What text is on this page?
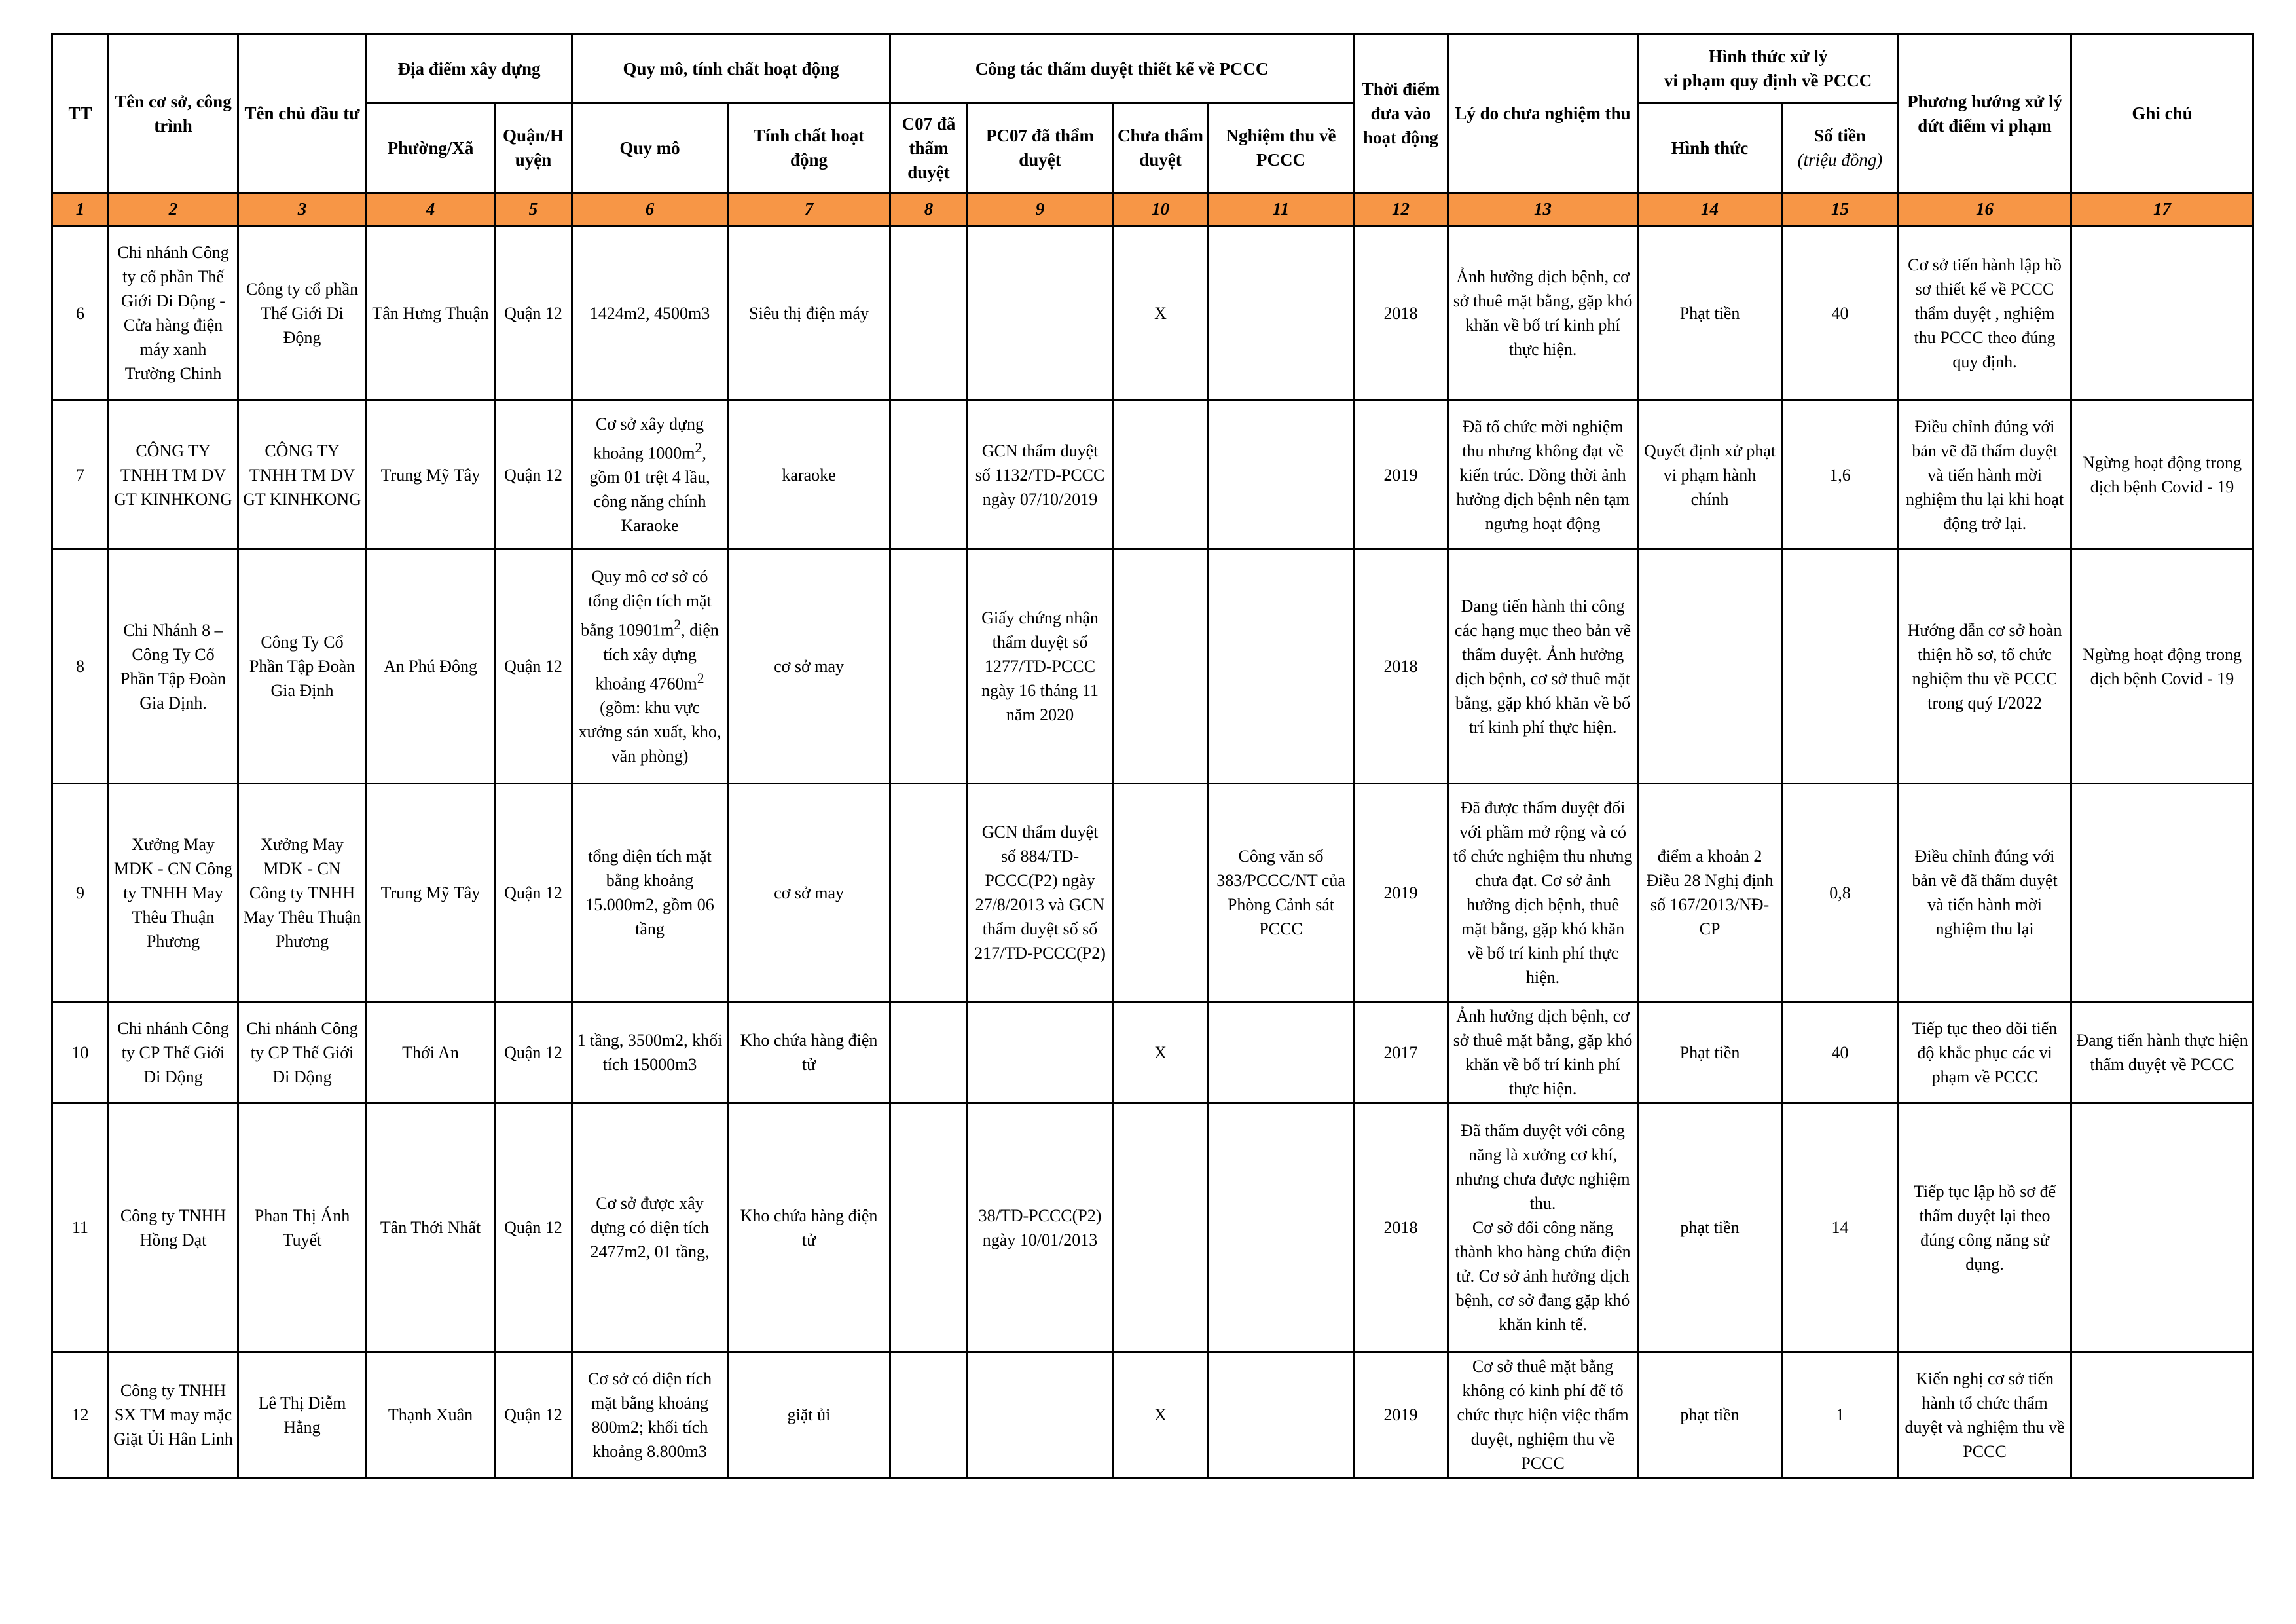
TT	Tên cơ sở, công trình	Tên chủ đầu tư	Địa điểm xây dựng		Quy mô, tính chất hoạt động		Công tác thẩm duyệt thiết kế về PCCC				Thời điểm đưa vào hoạt động	Lý do chưa nghiệm thu	Hình thức xử lý
vi phạm quy định về PCCC		Phương hướng xử lý dứt điểm vi phạm	Ghi chú
			Phường/Xã	Quận/Huyện	Quy mô	Tính chất hoạt động	C07 đã thẩm duyệt	PC07 đã thẩm duyệt	Chưa thẩm duyệt	Nghiệm thu về PCCC			Hình thức	Số tiền
(triệu đồng)		

1	2	3	4	5	6	7	8	9	10	11	12	13	14	15	16	17
6	Chi nhánh Công ty cổ phần Thế Giới Di Động - Cửa hàng điện máy xanh Trường Chinh	Công ty cổ phần Thế Giới Di Động	Tân Hưng Thuận	Quận 12	1424m2, 4500m3	Siêu thị điện máy			X		2018	Ảnh hưởng dịch bệnh, cơ sở thuê mặt bằng, gặp khó khăn về bố trí kinh phí thực hiện.	Phạt tiền	40	Cơ sở tiến hành lập hồ sơ thiết kế về PCCC thẩm duyệt , nghiệm thu PCCC theo đúng quy định.	
7	CÔNG TY TNHH TM DV GT KINHKONG	CÔNG TY TNHH TM DV GT KINHKONG	Trung Mỹ Tây	Quận 12	Cơ sở xây dựng khoảng $1000m^2$, gồm 01 trệt 4 lầu, công năng chính Karaoke	karaoke		GCN thẩm duyệt số 1132/TD-PCCC ngày 07/10/2019			2019	Đã tổ chức mời nghiệm thu nhưng không đạt về kiến trúc. Đồng thời ảnh hưởng dịch bệnh nên tạm ngưng hoạt động	Quyết định xử phạt vi phạm hành chính	1,6	Điều chỉnh đúng với bản vẽ đã thẩm duyệt và tiến hành mời nghiệm thu lại khi hoạt động trở lại.	Ngừng hoạt động trong dịch bệnh Covid - 19
8	Chi Nhánh 8 – Công Ty Cổ Phần Tập Đoàn Gia Định.	Công Ty Cổ Phần Tập Đoàn Gia Định	An Phú Đông	Quận 12	Quy mô cơ sở có tổng diện tích mặt bằng $10901m^2$, diện tích xây dựng khoảng $4760m^2$ (gồm: khu vực xưởng sản xuất, kho, văn phòng)	cơ sở may		Giấy chứng nhận thẩm duyệt số 1277/TD-PCCC ngày 16 tháng 11 năm 2020			2018	Đang tiến hành thi công các hạng mục theo bản vẽ thẩm duyệt. Ảnh hưởng dịch bệnh, cơ sở thuê mặt bằng, gặp khó khăn về bố trí kinh phí thực hiện.			Hướng dẫn cơ sở hoàn thiện hồ sơ, tổ chức nghiệm thu về PCCC trong quý I/2022	Ngừng hoạt động trong dịch bệnh Covid - 19
9	Xưởng May MDK - CN Công ty TNHH May Thêu Thuận Phương	Xưởng May MDK - CN Công ty TNHH May Thêu Thuận Phương	Trung Mỹ Tây	Quận 12	tổng diện tích mặt bằng khoảng 15.000m2, gồm 06 tầng	cơ sở may		GCN thẩm duyệt số 884/TD-PCCC(P2) ngày 27/8/2013 và GCN thẩm duyệt số số 217/TD-PCCC(P2)		Công văn số 383/PCCC/NT của Phòng Cảnh sát PCCC	2019	Đã được thẩm duyệt đối với phầm mở rộng và có tổ chức nghiệm thu nhưng chưa đạt. Cơ sở ảnh hưởng dịch bệnh, thuê mặt bằng, gặp khó khăn về bố trí kinh phí thực hiện.	điểm a khoản 2 Điều 28 Nghị định số 167/2013/NĐ-CP	0,8	Điều chỉnh đúng với bản vẽ đã thẩm duyệt và tiến hành mời nghiệm thu lại	
10	Chi nhánh Công ty CP Thế Giới Di Động	Chi nhánh Công ty CP Thế Giới Di Động	Thới An	Quận 12	1 tầng, 3500m2, khối tích 15000m3	Kho chứa hàng điện tử			X		2017	Ảnh hưởng dịch bệnh, cơ sở thuê mặt bằng, gặp khó khăn về bố trí kinh phí thực hiện.	Phạt tiền	40	Tiếp tục theo dõi tiến độ khắc phục các vi phạm về PCCC	Đang tiến hành thực hiện thẩm duyệt về PCCC
11	Công ty TNHH Hồng Đạt	Phan Thị Ánh Tuyết	Tân Thới Nhất	Quận 12	Cơ sở được xây dựng có diện tích 2477m2, 01 tầng,	Kho chứa hàng điện tử		38/TD-PCCC(P2) ngày 10/01/2013			2018	Đã thẩm duyệt với công năng là xưởng cơ khí, nhưng chưa được nghiệm thu.
Cơ sở đổi công năng thành kho hàng chứa điện tử. Cơ sở ảnh hưởng dịch bệnh, cơ sở đang gặp khó khăn kinh tế.	phạt tiền	14	Tiếp tục lập hồ sơ để thẩm duyệt lại theo đúng công năng sử dụng.	
12	Công ty TNHH SX TM may mặc Giặt Ủi Hân Linh	Lê Thị Diễm Hằng	Thạnh Xuân	Quận 12	Cơ sở có diện tích mặt bằng khoảng 800m2; khối tích khoảng 8.800m3	giặt ủi			X		2019	Cơ sở thuê mặt bằng không có kinh phí để tổ chức thực hiện việc thẩm duyệt, nghiệm thu về PCCC	phạt tiền	1	Kiến nghị cơ sở tiến hành tổ chức thẩm duyệt và nghiệm thu về PCCC	
